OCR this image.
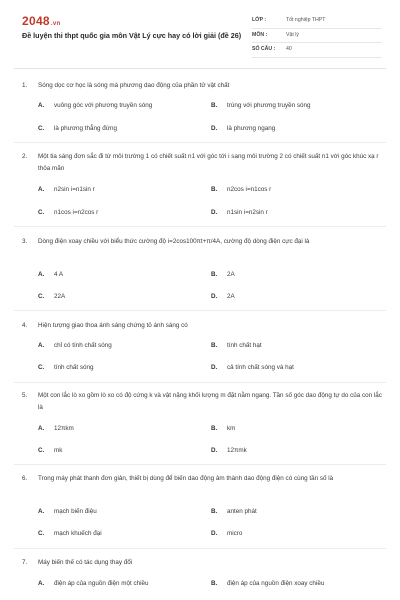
2048.vn
Đề luyện thi thpt quốc gia môn Vật Lý cực hay có lời giải (đề 26)
LỚP :	Tốt nghiệp THPT
MÔN :	Vật lý
SỐ CÂU : 40
1.	Sóng dọc cơ học là sóng mà phương dao động của phần tử vật chất
A. vuông góc với phương truyền sóng	B. trùng với phương truyền sóng
C. là phương thẳng đứng	D. là phương ngang
2.	Một tia sáng đơn sắc đi từ môi trường 1 có chiết suất n1 với góc tới i sang môi trường 2 có chiết suất n1 với góc khúc xạ r thỏa mãn
A. n2sin i=n1sin r	B. n2cos i=n1cos r
C. n1cos i=n2cos r	D. n1sin i=n2sin r
3.	Dòng điện xoay chiều với biểu thức cường độ i=2cos100πt+π/4A, cường độ dòng điện cực đại là
A. 4 A	B. 2A
C. 22A	D. 2A
4.	Hiện tượng giao thoa ánh sáng chứng tỏ ánh sáng có
A. chỉ có tính chất sóng	B. tính chất hạt
C. tính chất sóng	D. cả tính chất sóng và hạt
5.	Một con lắc lò xo gồm lò xo có độ cứng k và vật nặng khối lượng m đặt nằm ngang. Tần số góc dao động tự do của con lắc là
A. 12πkm	B. km
C. mk	D. 12πmk
6.	Trong máy phát thanh đơn giản, thiết bị dùng để biến dao động âm thành dao động điện có cùng tần số là
A. mạch biến điệu	B. anten phát
C. mạch khuếch đại	D. micro
7.	Máy biến thế có tác dụng thay đổi
A. điện áp của nguồn điện một chiều	B. điện áp của nguồn điện xoay chiều
